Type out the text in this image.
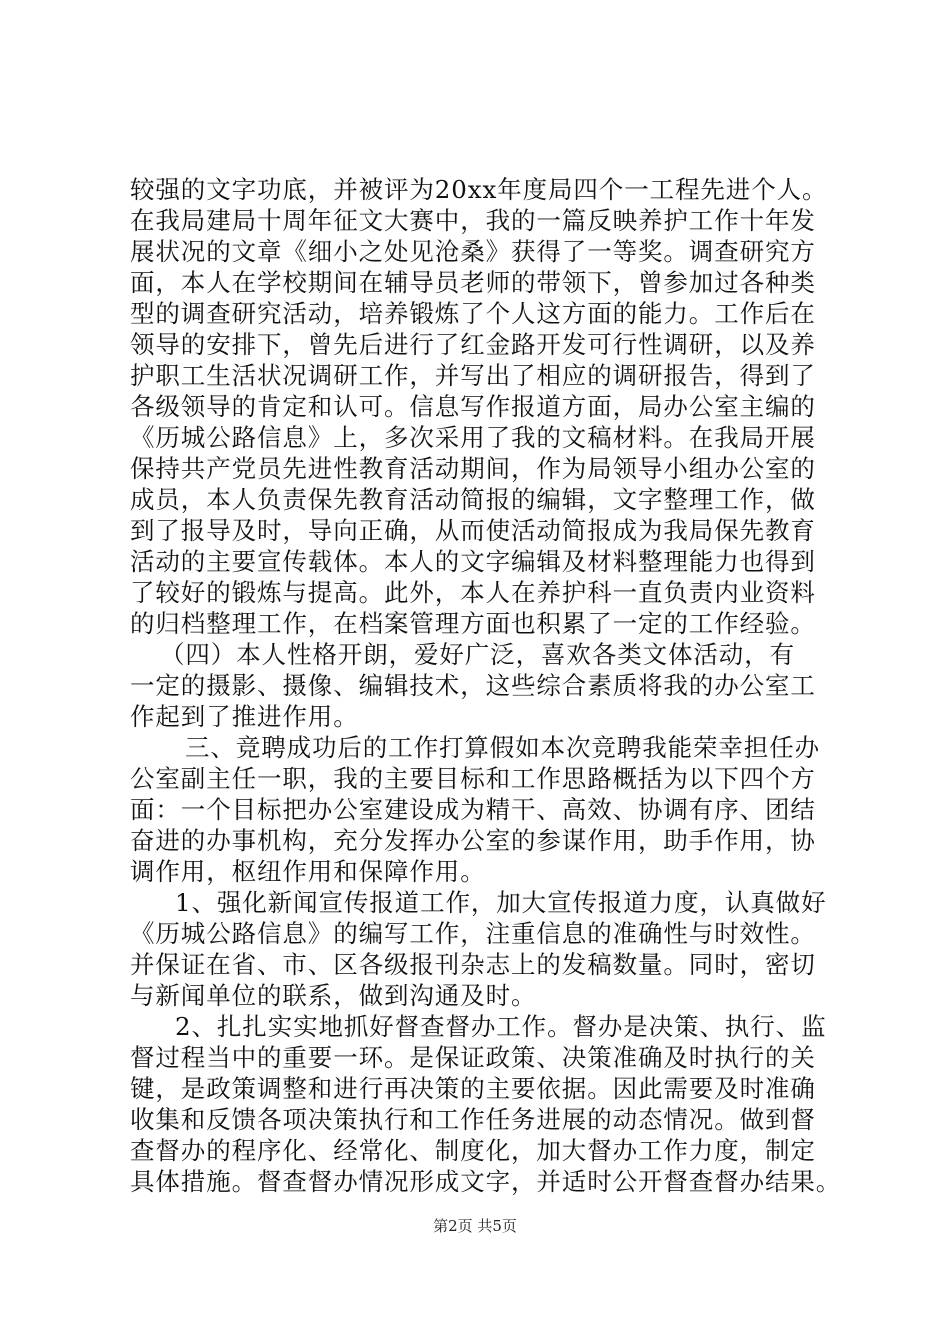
较强的文字功底，并被评为20xx年度局四个一工程先进个人。
在我局建局十周年征文大赛中，我的一篇反映养护工作十年发
展状况的文章《细小之处见沧桑》获得了一等奖。调查研究方
面，本人在学校期间在辅导员老师的带领下，曾参加过各种类
型的调查研究活动，培养锻炼了个人这方面的能力。工作后在
领导的安排下，曾先后进行了红金路开发可行性调研，以及养
护职工生活状况调研工作，并写出了相应的调研报告，得到了
各级领导的肯定和认可。信息写作报道方面，局办公室主编的
《历城公路信息》上，多次采用了我的文稿材料。在我局开展
保持共产党员先进性教育活动期间，作为局领导小组办公室的
成员，本人负责保先教育活动简报的编辑，文字整理工作，做
到了报导及时，导向正确，从而使活动简报成为我局保先教育
活动的主要宣传载体。本人的文字编辑及材料整理能力也得到
了较好的锻炼与提高。此外，本人在养护科一直负责内业资料
的归档整理工作，在档案管理方面也积累了一定的工作经验。
（四）本人性格开朗，爱好广泛，喜欢各类文体活动，有
一定的摄影、摄像、编辑技术，这些综合素质将我的办公室工
作起到了推进作用。
三、竞聘成功后的工作打算假如本次竞聘我能荣幸担任办
公室副主任一职，我的主要目标和工作思路概括为以下四个方
面：一个目标把办公室建设成为精干、高效、协调有序、团结
奋进的办事机构，充分发挥办公室的参谋作用，助手作用，协
调作用，枢纽作用和保障作用。
1、强化新闻宣传报道工作，加大宣传报道力度，认真做好
《历城公路信息》的编写工作，注重信息的准确性与时效性。
并保证在省、市、区各级报刊杂志上的发稿数量。同时，密切
与新闻单位的联系，做到沟通及时。
2、扎扎实实地抓好督查督办工作。督办是决策、执行、监
督过程当中的重要一环。是保证政策、决策准确及时执行的关
键，是政策调整和进行再决策的主要依据。因此需要及时准确
收集和反馈各项决策执行和工作任务进展的动态情况。做到督
查督办的程序化、经常化、制度化，加大督办工作力度，制定
具体措施。督查督办情况形成文字，并适时公开督查督办结果。
第2页 共5页
